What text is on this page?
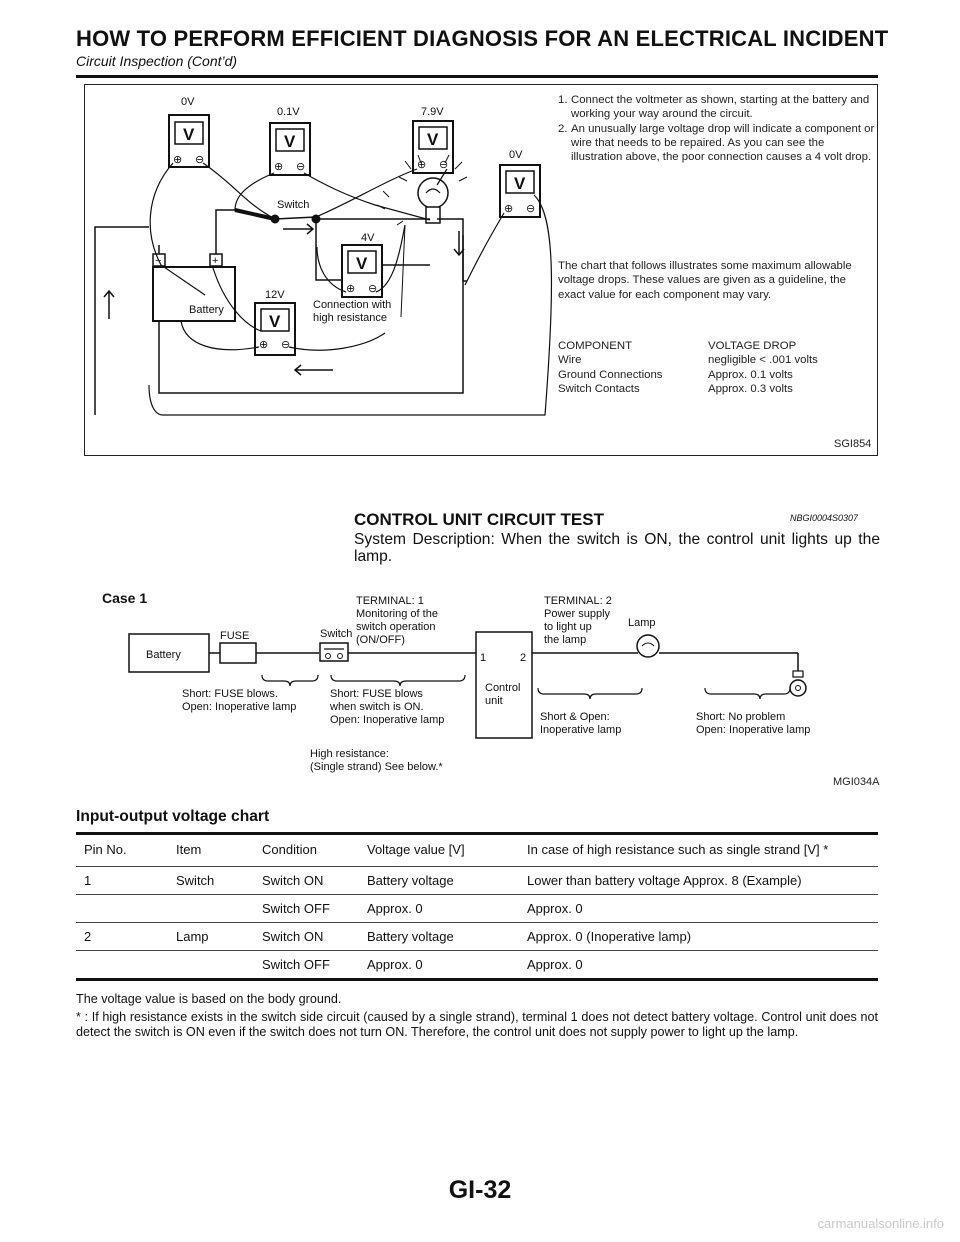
HOW TO PERFORM EFFICIENT DIAGNOSIS FOR AN ELECTRICAL INCIDENT
Circuit Inspection (Cont’d)
0V
V
⊕ ⊖
0.1V
V
⊕ ⊖
7.9V
V
⊕ ⊖
0V
V
⊕ ⊖
4V
V
⊕ ⊖
12V
V
⊕ ⊖
−	+
Battery
Switch
Connection with
high resistance
1. Connect the voltmeter as shown, starting at the battery and working your way around the circuit.

2. An unusually large voltage drop will indicate a component or wire that needs to be repaired. As you can see the illustration above, the poor connection causes a 4 volt drop.

The chart that follows illustrates some maximum allowable voltage drops. These values are given as a guideline, the exact value for each component may vary.

COMPONENT	VOLTAGE DROP
Wire	negligible < .001 volts
Ground Connections	Approx. 0.1 volts
Switch Contacts	Approx. 0.3 volts
SGI854
CONTROL UNIT CIRCUIT TEST	NBGI0004S0307
System Description: When the switch is ON, the control unit lights up the lamp.
Case 1
Battery
FUSE	Switch
TERMINAL: 1
Monitoring of the
switch operation
(ON/OFF)
TERMINAL: 2
Power supply
to light up
the lamp
1	2
Control
unit
Lamp
Short: FUSE blows.
Open: Inoperative lamp
Short: FUSE blows
when switch is ON.
Open: Inoperative lamp	Short & Open:
Inoperative lamp
Short: No problem
Open: Inoperative lamp
High resistance:
(Single strand) See below.*
MGI034A
Input-output voltage chart
Pin No.	Item	Condition	Voltage value [V]	In case of high resistance such as single strand [V] *
1	Switch	Switch ON	Battery voltage	Lower than battery voltage Approx. 8 (Example)
		Switch OFF	Approx. 0	Approx. 0
2	Lamp	Switch ON	Battery voltage	Approx. 0 (Inoperative lamp)
		Switch OFF	Approx. 0	Approx. 0

The voltage value is based on the body ground.

* : If high resistance exists in the switch side circuit (caused by a single strand), terminal 1 does not detect battery voltage. Control unit does not detect the switch is ON even if the switch does not turn ON. Therefore, the control unit does not supply power to light up the lamp.

GI-32
carmanualsonline.info
